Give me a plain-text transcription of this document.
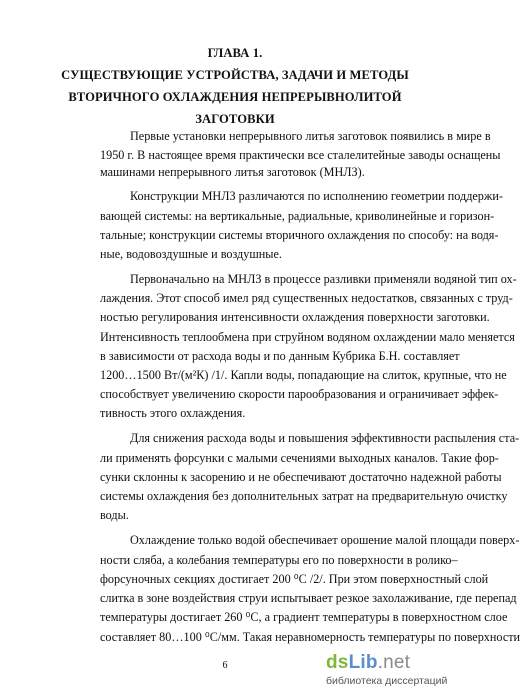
ГЛАВА 1.
СУЩЕСТВУЮЩИЕ УСТРОЙСТВА, ЗАДАЧИ И МЕТОДЫ
ВТОРИЧНОГО ОХЛАЖДЕНИЯ НЕПРЕРЫВНОЛИТОЙ ЗАГОТОВКИ
Первые установки непрерывного литья заготовок появились в мире в
1950 г. В настоящее время практически все сталелитейные заводы оснащены
машинами непрерывного литья заготовок (МНЛЗ).
Конструкции МНЛЗ различаются по исполнению геометрии поддержи-
вающей системы: на вертикальные, радиальные, криволинейные и горизон-
тальные; конструкции системы вторичного охлаждения по способу: на водя-
ные, водовоздушные и воздушные.
Первоначально на МНЛЗ в процессе разливки применяли водяной тип ох-
лаждения. Этот способ имел ряд существенных недостатков, связанных с труд-
ностью регулирования интенсивности охлаждения поверхности заготовки.
Интенсивность теплообмена при струйном водяном охлаждении мало меняется
в зависимости от расхода воды и по данным Кубрика Б.Н. составляет
1200…1500 Вт/(м²К) /1/. Капли воды, попадающие на слиток, крупные, что не
способствует увеличению скорости парообразования и ограничивает эффек-
тивность этого охлаждения.
Для снижения расхода воды и повышения эффективности распыления ста-
ли применять форсунки с малыми сечениями выходных каналов. Такие фор-
сунки склонны к засорению и не обеспечивают достаточно надежной работы
системы охлаждения без дополнительных затрат на предварительную очистку
воды.
Охлаждение только водой обеспечивает орошение малой площади поверх-
ности сляба, а колебания температуры его по поверхности в ролико–
форсуночных секциях достигает 200 ⁰С /2/. При этом поверхностный слой
слитка в зоне воздействия струи испытывает резкое захолаживание, где перепад
температуры достигает 260 ⁰С, а градиент температуры в поверхностном слое
составляет 80…100 ⁰С/мм. Такая неравномерность температуры по поверхности
6	dsLib.net
библиотека диссертаций
